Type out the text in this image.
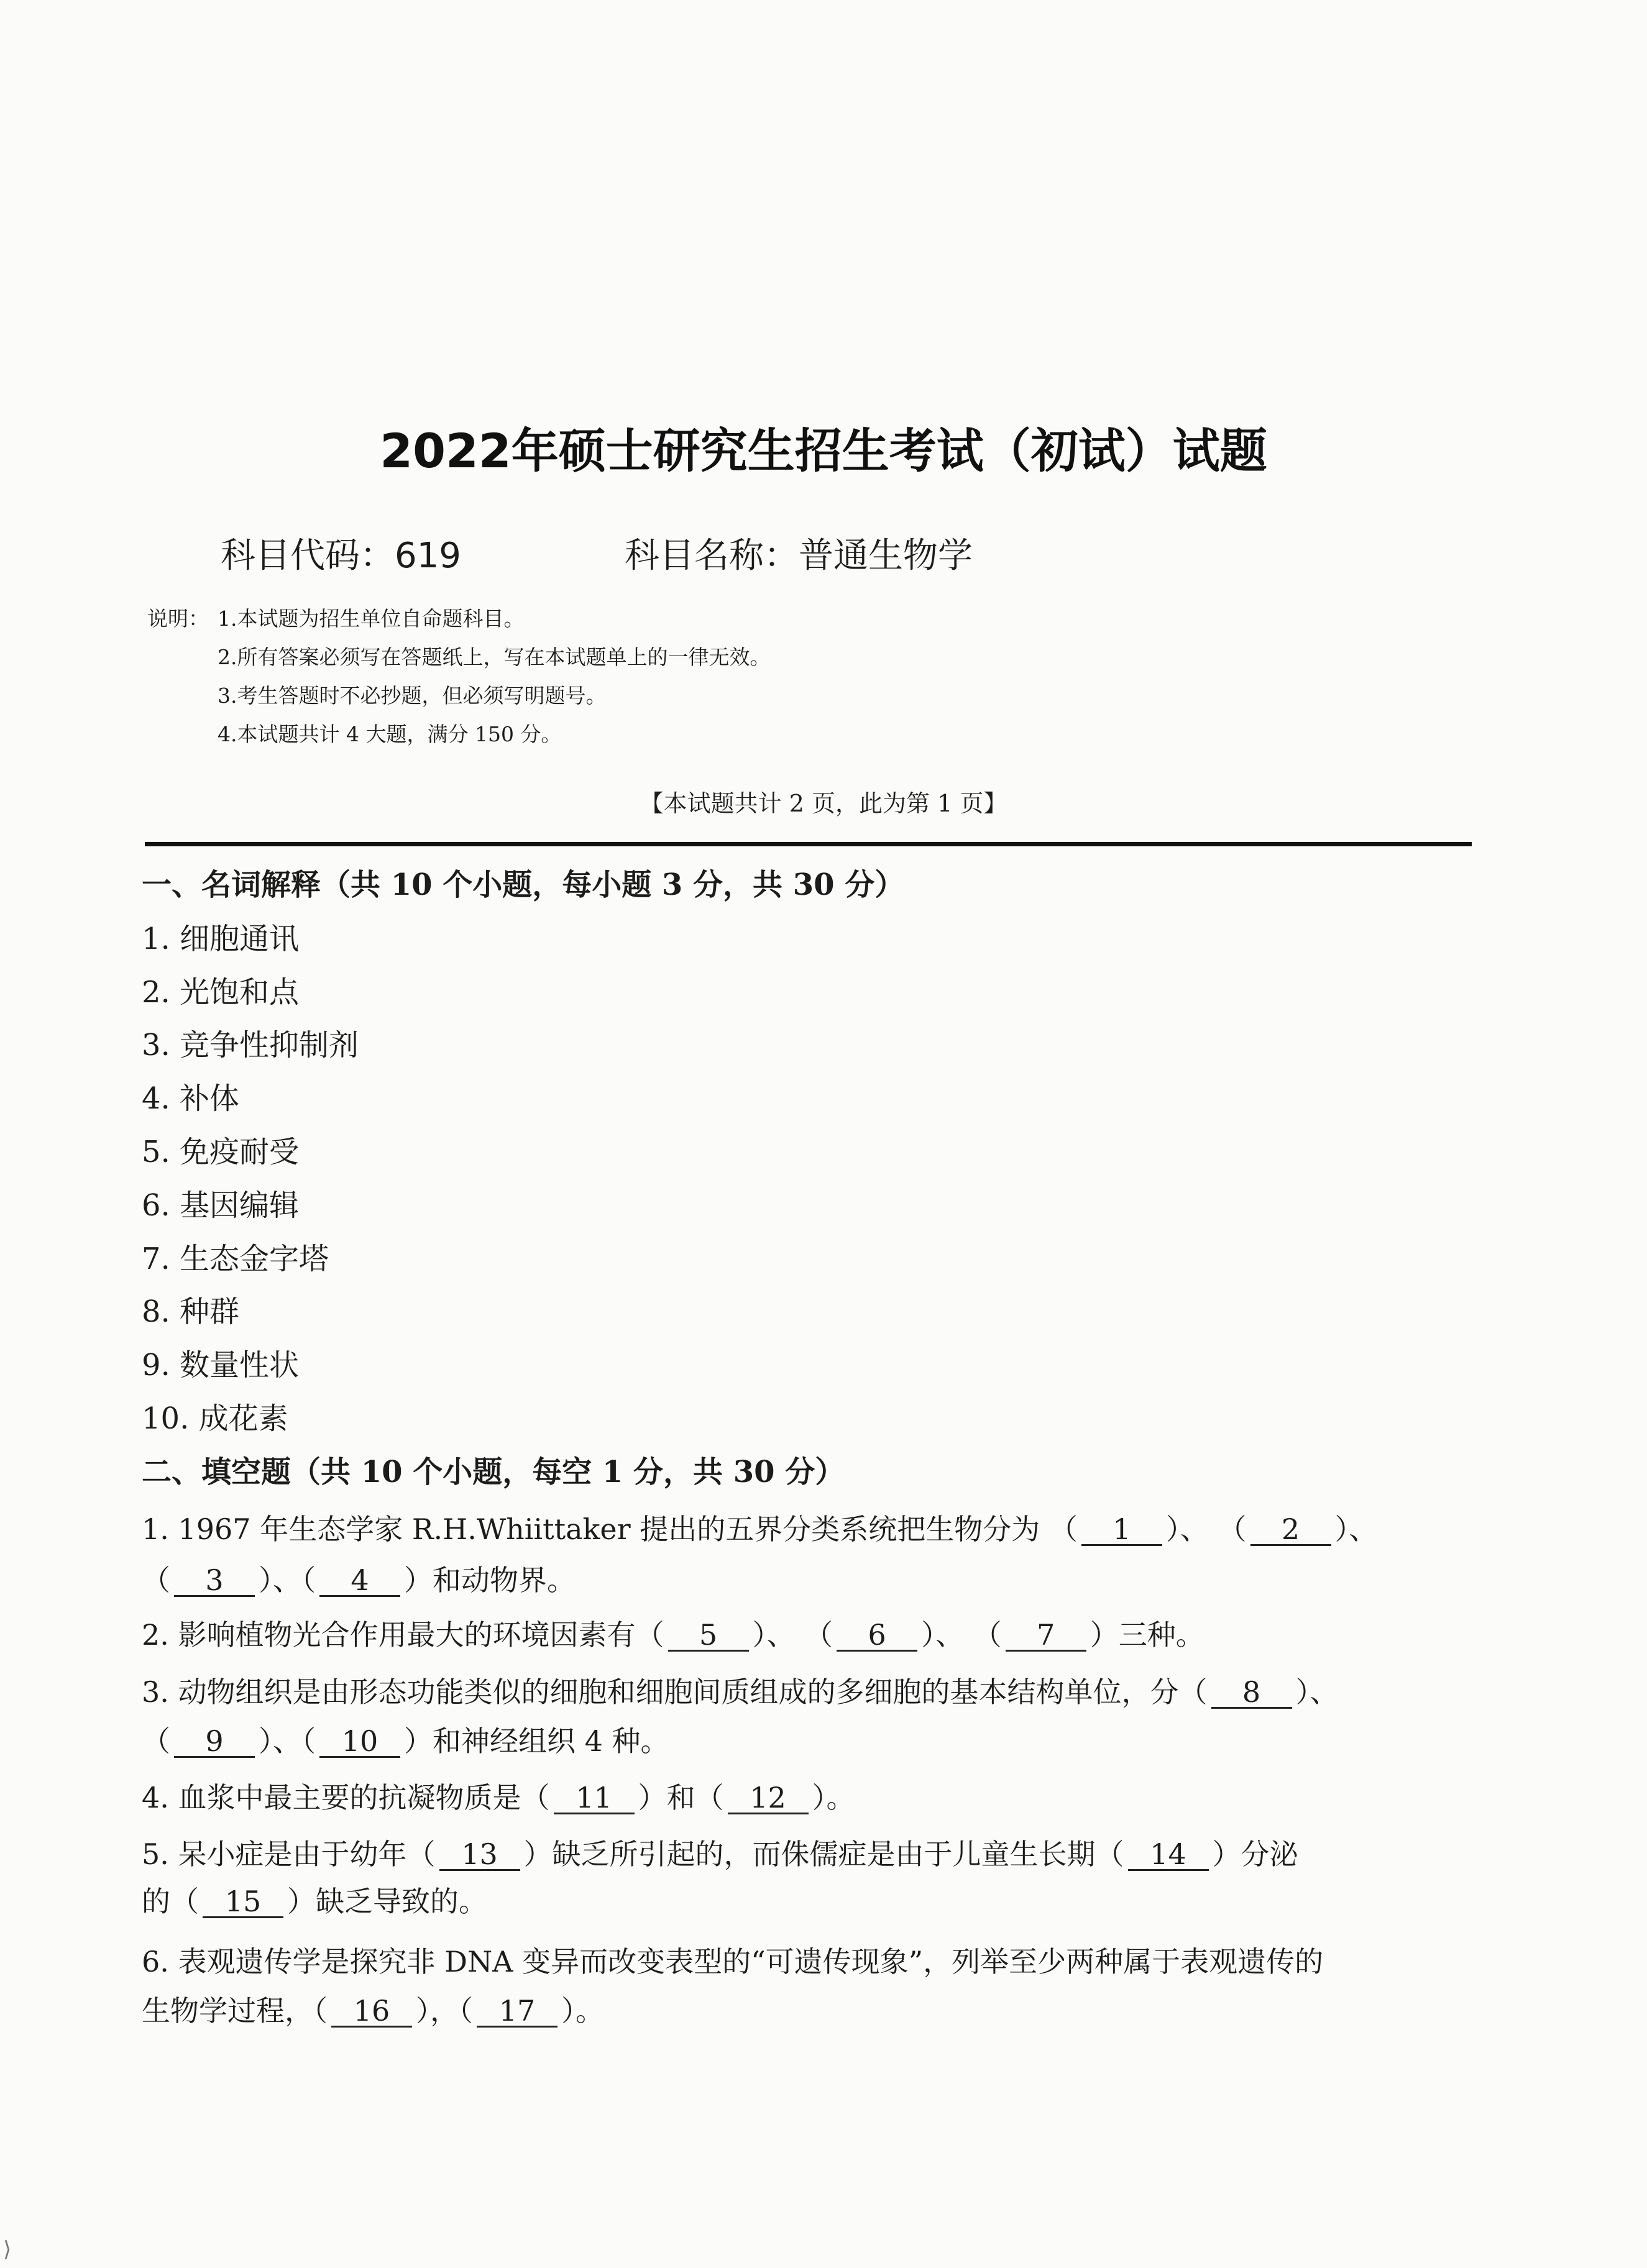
2022年硕士研究生招生考试（初试）试题
科目代码：619	科目名称：普通生物学
说明： 1.本试题为招生单位自命题科目。
2.所有答案必须写在答题纸上，写在本试题单上的一律无效。
3.考生答题时不必抄题，但必须写明题号。
4.本试题共计 4 大题，满分 150 分。
【本试题共计 2 页，此为第 1 页】
一、名词解释（共 10 个小题，每小题 3 分，共 30 分）
1. 细胞通讯
2. 光饱和点
3. 竞争性抑制剂
4. 补体
5. 免疫耐受
6. 基因编辑
7. 生态金字塔
8. 种群
9. 数量性状
10. 成花素
二、填空题（共 10 个小题，每空 1 分，共 30 分）
1. 1967 年生态学家 R.H.Whiittaker 提出的五界分类系统把生物分为 （ 1 ）、 （ 2 ）、
（ 3 ）、（ 4 ）和动物界。
2. 影响植物光合作用最大的环境因素有（ 5 ）、 （ 6 ）、 （ 7 ）三种。
3. 动物组织是由形态功能类似的细胞和细胞间质组成的多细胞的基本结构单位，分（ 8 ）、
（ 9 ）、（ 10 ）和神经组织 4 种。
4. 血浆中最主要的抗凝物质是（ 11 ）和（ 12 ）。
5. 呆小症是由于幼年（ 13 ）缺乏所引起的，而侏儒症是由于儿童生长期（ 14 ）分泌
的（ 15 ）缺乏导致的。
6. 表观遗传学是探究非 DNA 变异而改变表型的“可遗传现象”，列举至少两种属于表观遗传的
生物学过程，（ 16 ），（ 17 ）。
⟩
